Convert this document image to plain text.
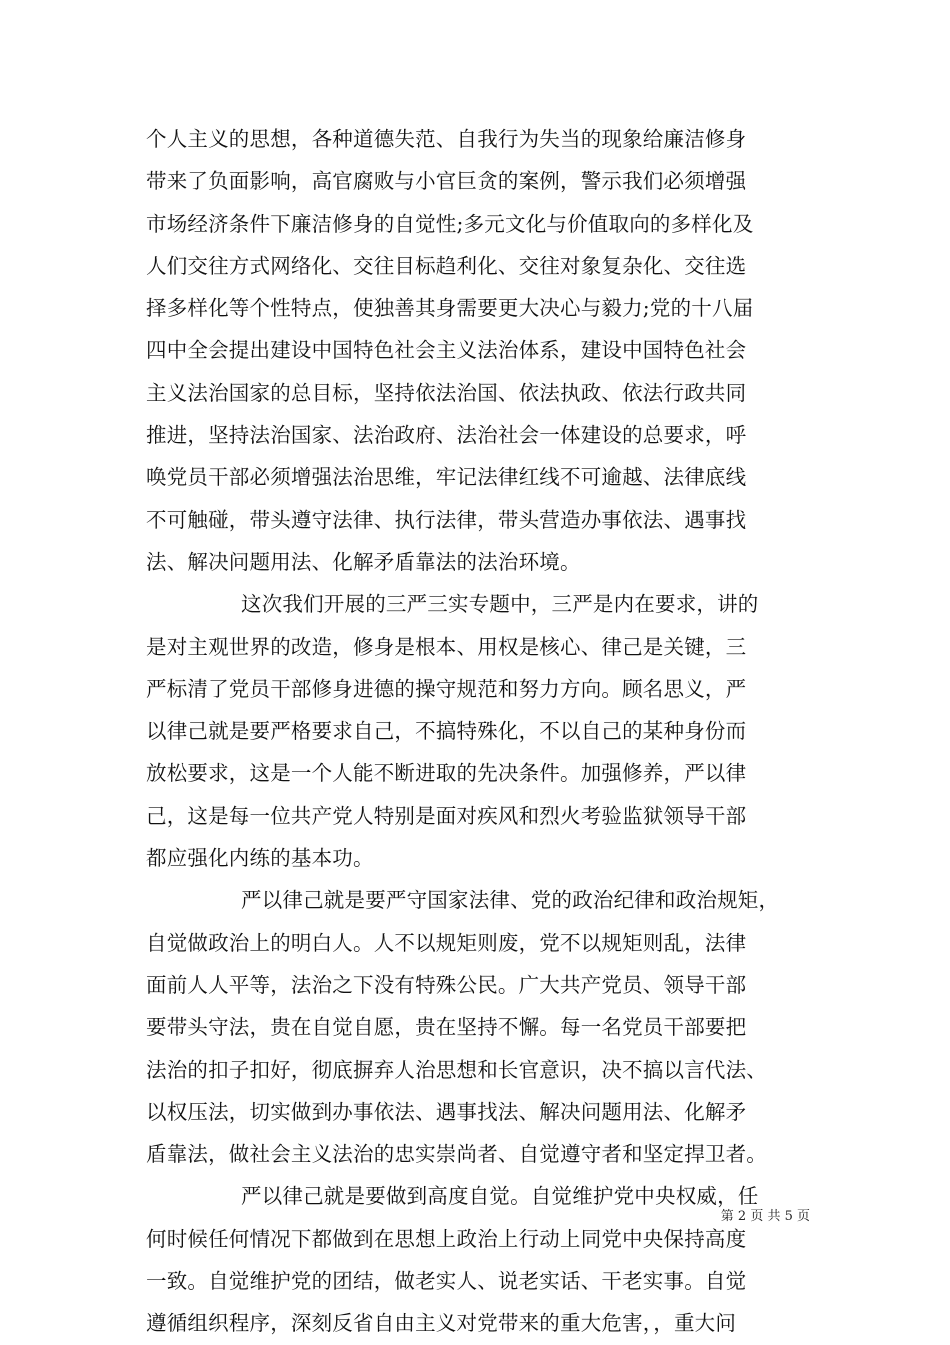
个人主义的思想，各种道德失范、自我行为失当的现象给廉洁修身
带来了负面影响，高官腐败与小官巨贪的案例，警示我们必须增强
市场经济条件下廉洁修身的自觉性;多元文化与价值取向的多样化及
人们交往方式网络化、交往目标趋利化、交往对象复杂化、交往选
择多样化等个性特点，使独善其身需要更大决心与毅力;党的十八届
四中全会提出建设中国特色社会主义法治体系，建设中国特色社会
主义法治国家的总目标，坚持依法治国、依法执政、依法行政共同
推进，坚持法治国家、法治政府、法治社会一体建设的总要求，呼
唤党员干部必须增强法治思维，牢记法律红线不可逾越、法律底线
不可触碰，带头遵守法律、执行法律，带头营造办事依法、遇事找
法、解决问题用法、化解矛盾靠法的法治环境。
这次我们开展的三严三实专题中，三严是内在要求，讲的
是对主观世界的改造，修身是根本、用权是核心、律己是关键，三
严标清了党员干部修身进德的操守规范和努力方向。顾名思义，严
以律己就是要严格要求自己，不搞特殊化，不以自己的某种身份而
放松要求，这是一个人能不断进取的先决条件。加强修养，严以律
己，这是每一位共产党人特别是面对疾风和烈火考验监狱领导干部
都应强化内练的基本功。
严以律己就是要严守国家法律、党的政治纪律和政治规矩，
自觉做政治上的明白人。人不以规矩则废，党不以规矩则乱，法律
面前人人平等，法治之下没有特殊公民。广大共产党员、领导干部
要带头守法，贵在自觉自愿，贵在坚持不懈。每一名党员干部要把
法治的扣子扣好，彻底摒弃人治思想和长官意识，决不搞以言代法、
以权压法，切实做到办事依法、遇事找法、解决问题用法、化解矛
盾靠法，做社会主义法治的忠实崇尚者、自觉遵守者和坚定捍卫者。
严以律己就是要做到高度自觉。自觉维护党中央权威，任
何时候任何情况下都做到在思想上政治上行动上同党中央保持高度
一致。自觉维护党的团结，做老实人、说老实话、干老实事。自觉
遵循组织程序，深刻反省自由主义对党带来的重大危害，，重大问
第 2 页 共 5 页
